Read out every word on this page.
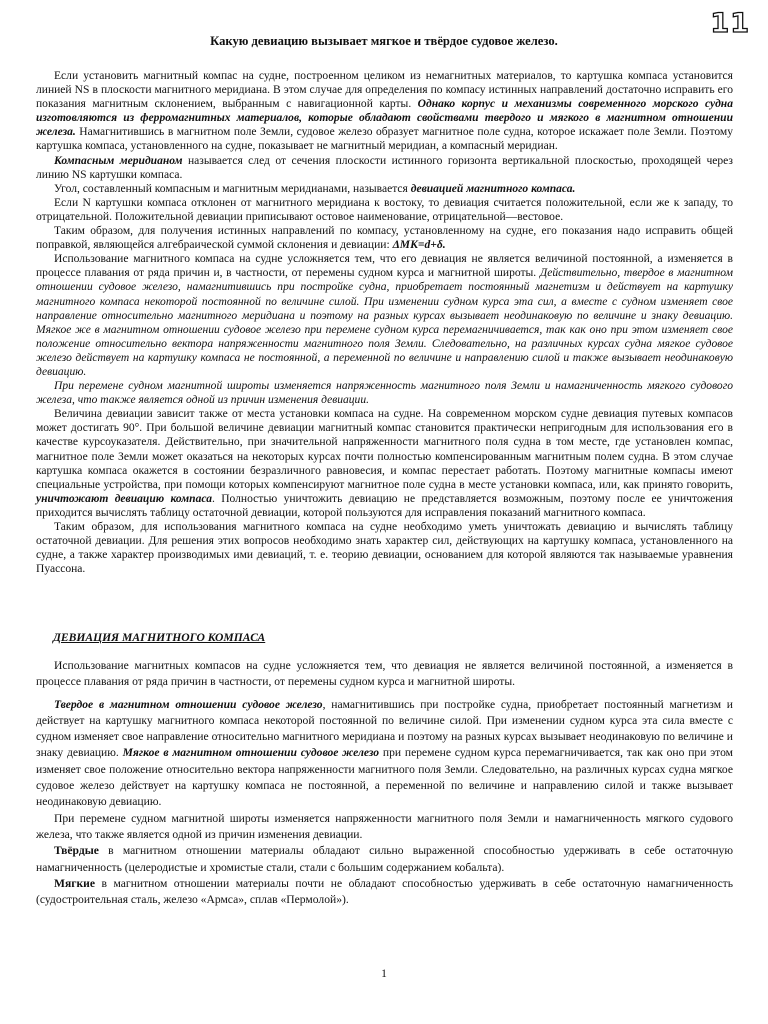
11
Какую девиацию вызывает мягкое и твёрдое судовое железо.

Если установить магнитный компас на судне, построенном целиком из немагнитных материалов, то картушка компаса установится линией NS в плоскости магнитного меридиана. В этом случае для определения по компасу истинных направлений достаточно исправить его показания магнитным склонением, выбранным с навигационной карты. Однако корпус и механизмы современного морского судна изготовляются из ферромагнитных материалов, которые обладают свойствами твердого и мягкого в магнитном отношении железа. Намагнитившись в магнитном поле Земли, судовое железо образует магнитное поле судна, которое искажает поле Земли. Поэтому картушка компаса, установленного на судне, показывает не магнитный меридиан, а компасный меридиан.

Компасным меридианом называется след от сечения плоскости истинного горизонта вертикальной плоскостью, проходящей через линию NS картушки компаса.

Угол, составленный компасным и магнитным меридианами, называется девиацией магнитного компаса.

Если N картушки компаса отклонен от магнитного меридиана к востоку, то девиация считается положительной, если же к западу, то отрицательной. Положительной девиации приписывают остовое наименование, отрицательной—вестовое.

Таким образом, для получения истинных направлений по компасу, установленному на судне, его показания надо исправить общей поправкой, являющейся алгебраической суммой склонения и девиации: ΔМК=d+δ.

Использование магнитного компаса на судне усложняется тем, что его девиация не является величиной постоянной, а изменяется в процессе плавания от ряда причин и, в частности, от перемены судном курса и магнитной широты. Действительно, твердое в магнитном отношении судовое железо, намагнитившись при постройке судна, приобретает постоянный магнетизм и действует на картушку магнитного компаса некоторой постоянной по величине силой. При изменении судном курса эта сил, а вместе с судном изменяет свое направление относительно магнитного меридиана и поэтому на разных курсах вызывает неодинаковую по величине и знаку девиацию. Мягкое же в магнитном отношении судовое железо при перемене судном курса перемагничивается, так как оно при этом изменяет свое положение относительно вектора напряженности магнитного поля Земли. Следовательно, на различных курсах судна мягкое судовое железо действует на картушку компаса не постоянной, а переменной по величине и направлению силой и также вызывает неодинаковую девиацию.

При перемене судном магнитной широты изменяется напряженность магнитного поля Земли и намагниченность мягкого судового железа, что также является одной из причин изменения девиации.

Величина девиации зависит также от места установки компаса на судне. На современном морском судне девиация путевых компасов может достигать 90°. При большой величине девиации магнитный компас становится практически непригодным для использования его в качестве курсоуказателя. Действительно, при значительной напряженности магнитного поля судна в том месте, где установлен компас, магнитное поле Земли может оказаться на некоторых курсах почти полностью компенсированным магнитным полем судна. В этом случае картушка компаса окажется в состоянии безразличного равновесия, и компас перестает работать. Поэтому магнитные компасы имеют специальные устройства, при помощи которых компенсируют магнитное поле судна в месте установки компаса, или, как принято говорить, уничтожают девиацию компаса. Полностью уничтожить девиацию не представляется возможным, поэтому после ее уничтожения приходится вычислять таблицу остаточной девиации, которой пользуются для исправления показаний магнитного компаса.

Таким образом, для использования магнитного компаса на судне необходимо уметь уничтожать девиацию и вычислять таблицу остаточной девиации. Для решения этих вопросов необходимо знать характер сил, действующих на картушку компаса, установленного на судне, а также характер производимых ими девиаций, т. е. теорию девиации, основанием для которой являются так называемые уравнения Пуассона.

ДЕВИАЦИЯ МАГНИТНОГО КОМПАСА

Использование магнитных компасов на судне усложняется тем, что девиация не является величиной постоянной, а изменяется в процессе плавания от ряда причин в частности, от перемены судном курса и магнитной широты.

Твердое в магнитном отношении судовое железо, намагнитившись при постройке судна, приобретает постоянный магнетизм и действует на картушку магнитного компаса некоторой постоянной по величине силой. При изменении судном курса эта сила вместе с судном изменяет свое направление относительно магнитного меридиана и поэтому на разных курсах вызывает неодинаковую по величине и знаку девиацию. Мягкое в магнитном отношении судовое железо при перемене судном курса перемагничивается, так как оно при этом изменяет свое положение относительно вектора напряженности магнитного поля Земли. Следовательно, на различных курсах судна мягкое судовое железо действует на картушку компаса не постоянной, а переменной по величине и направлению силой и также вызывает неодинаковую девиацию.

При перемене судном магнитной широты изменяется напряженности магнитного поля Земли и намагниченность мягкого судового железа, что также является одной из причин изменения девиации.

Твёрдые в магнитном отношении материалы обладают сильно выраженной способностью удерживать в себе остаточную намагниченность (целеродистые и хромистые стали, стали с большим содержанием кобальта).

Мягкие в магнитном отношении материалы почти не обладают способностью удерживать в себе остаточную намагниченность (судостроительная сталь, железо «Армса», сплав «Пермолой»).

1
